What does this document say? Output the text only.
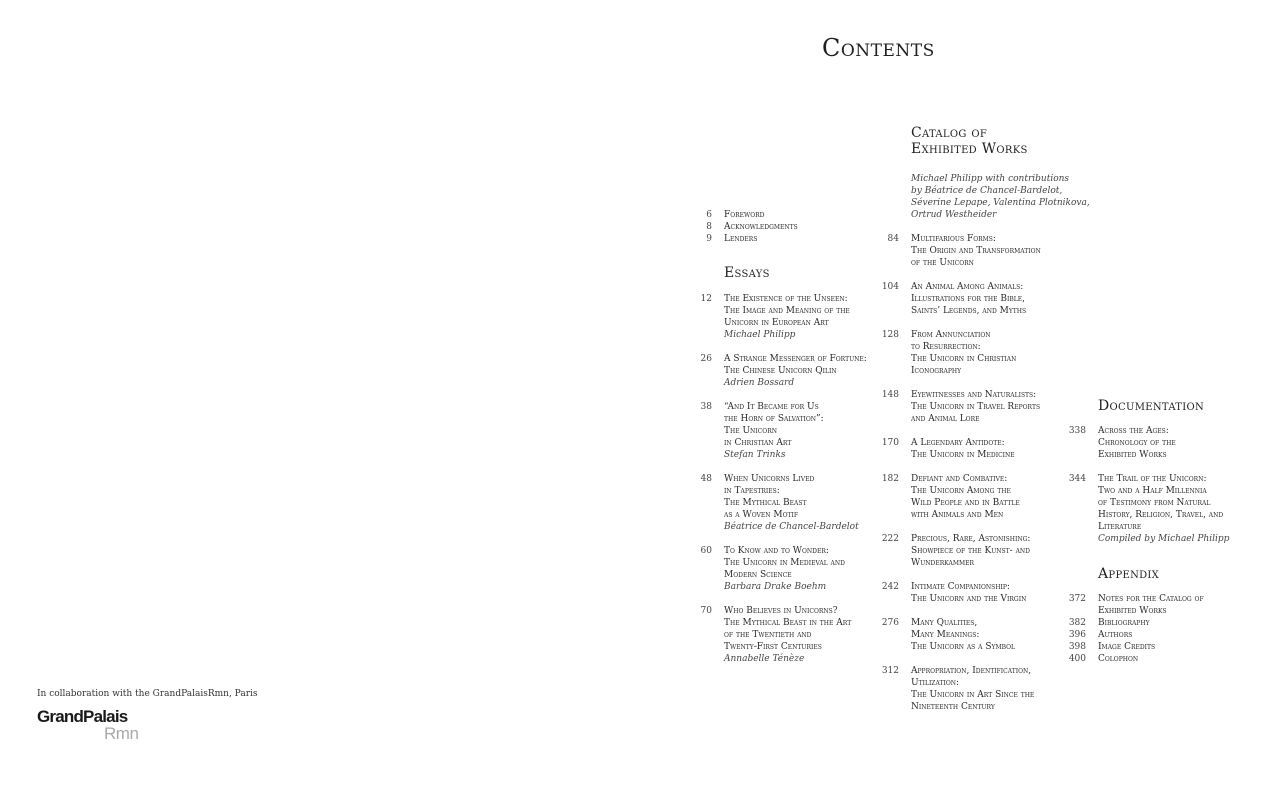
Contents
6 Foreword
8 Acknowledgments
9 Lenders
Essays
12 The Existence of the Unseen:
The Image and Meaning of the
Unicorn in European Art
Michael Philipp
26 A Strange Messenger of Fortune:
The Chinese Unicorn Qilin
Adrien Bossard
38 “And It Became for Us
the Horn of Salvation”:
The Unicorn
in Christian Art
Stefan Trinks
48 When Unicorns Lived
in Tapestries:
The Mythical Beast
as a Woven Motif
Béatrice de Chancel-Bardelot
60 To Know and to Wonder:
The Unicorn in Medieval and
Modern Science
Barbara Drake Boehm
70 Who Believes in Unicorns?
The Mythical Beast in the Art
of the Twentieth and
Twenty-First Centuries
Annabelle Ténèze
Catalog of
Exhibited Works
Michael Philipp with contributions
by Béatrice de Chancel-Bardelot,
Séverine Lepape, Valentina Plotnikova,
Ortrud Westheider
84 Multifarious Forms:
The Origin and Transformation
of the Unicorn
104 An Animal Among Animals:
Illustrations for the Bible,
Saints’ Legends, and Myths
128 From Annunciation
to Resurrection:
The Unicorn in Christian
Iconography
148 Eyewitnesses and Naturalists:
The Unicorn in Travel Reports
and Animal Lore
170 A Legendary Antidote:
The Unicorn in Medicine
182 Defiant and Combative:
The Unicorn Among the
Wild People and in Battle
with Animals and Men
222 Precious, Rare, Astonishing:
Showpiece of the Kunst- and
Wunderkammer
242 Intimate Companionship:
The Unicorn and the Virgin
276 Many Qualities,
Many Meanings:
The Unicorn as a Symbol
312 Appropriation, Identification,
Utilization:
The Unicorn in Art Since the
Nineteenth Century
Documentation
338 Across the Ages:
Chronology of the
Exhibited Works
344 The Trail of the Unicorn:
Two and a Half Millennia
of Testimony from Natural
History, Religion, Travel, and
Literature
Compiled by Michael Philipp
Appendix
372 Notes for the Catalog of
Exhibited Works
382 Bibliography
396 Authors
398 Image Credits
400 Colophon
In collaboration with the GrandPalaisRmn, Paris
GrandPalais
Rmn
